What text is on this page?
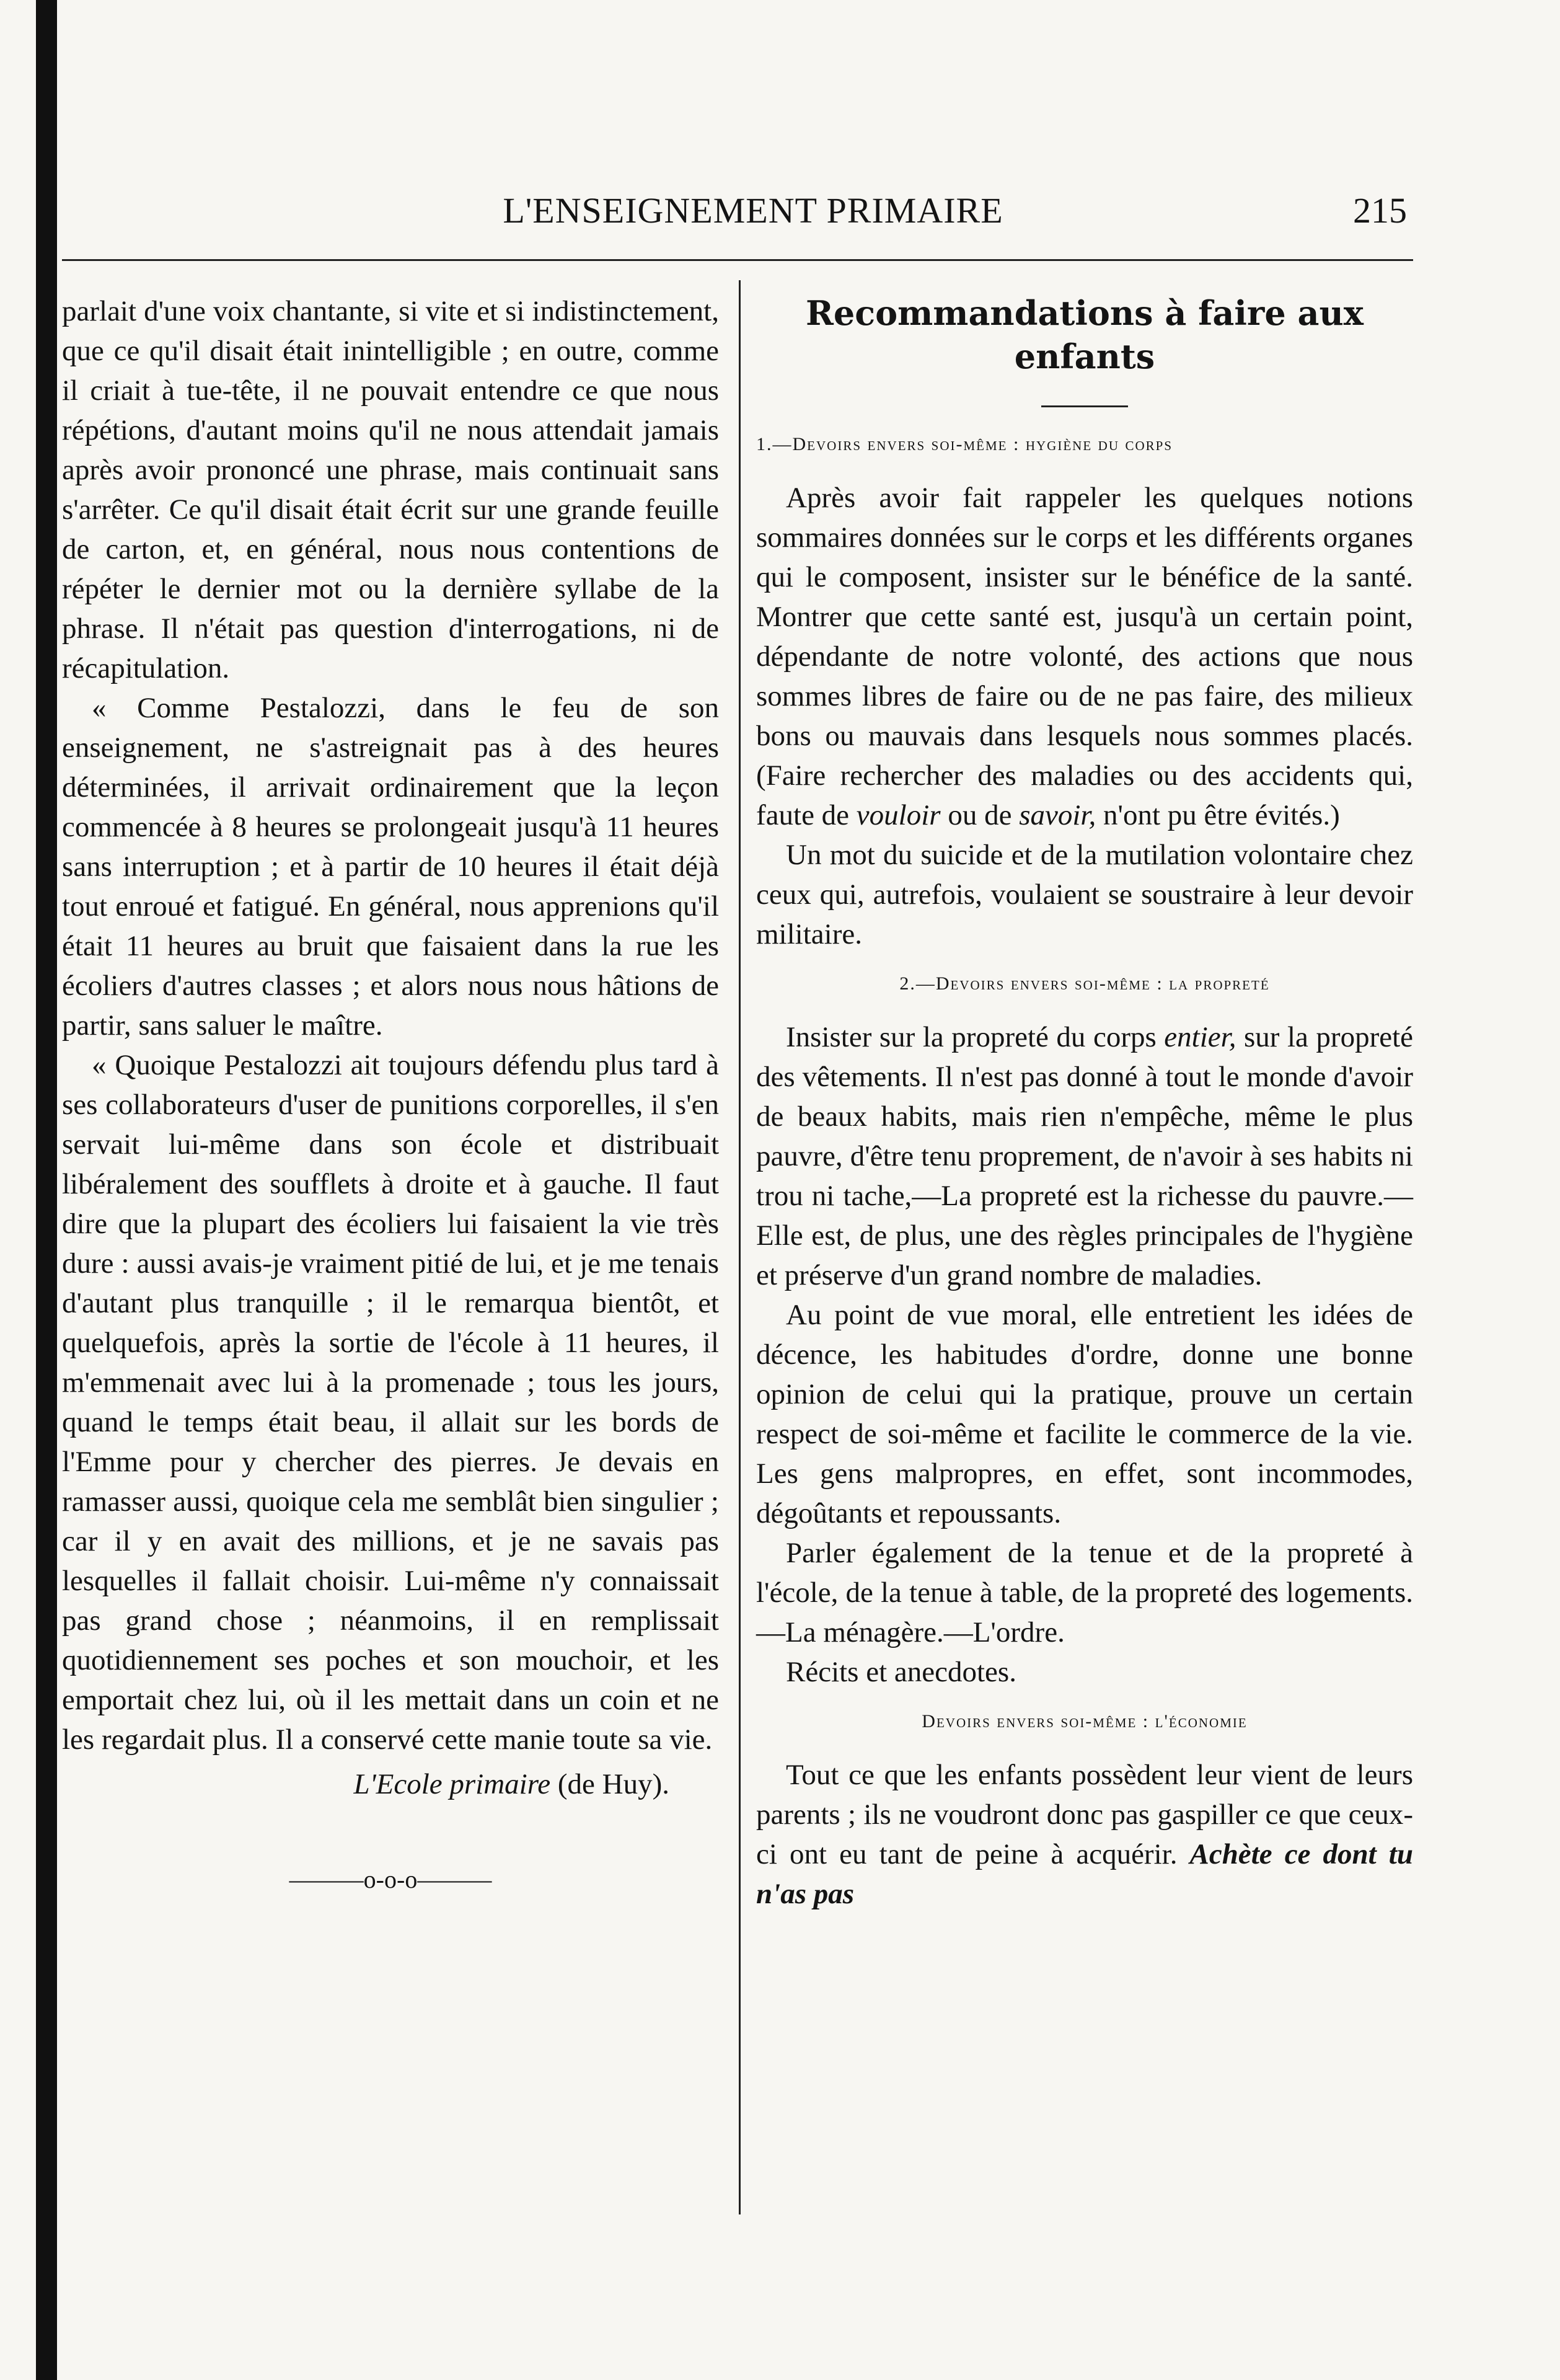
L'ENSEIGNEMENT PRIMAIRE	215

parlait d'une voix chantante, si vite et si indistinctement, que ce qu'il disait était inintelligible ; en outre, comme il criait à tue-tête, il ne pouvait entendre ce que nous répétions, d'autant moins qu'il ne nous attendait jamais après avoir prononcé une phrase, mais continuait sans s'arrêter. Ce qu'il disait était écrit sur une grande feuille de carton, et, en général, nous nous contentions de répéter le dernier mot ou la dernière syllabe de la phrase. Il n'était pas question d'interrogations, ni de récapitulation.

« Comme Pestalozzi, dans le feu de son enseignement, ne s'astreignait pas à des heures déterminées, il arrivait ordinairement que la leçon commencée à 8 heures se prolongeait jusqu'à 11 heures sans interruption ; et à partir de 10 heures il était déjà tout enroué et fatigué. En général, nous apprenions qu'il était 11 heures au bruit que faisaient dans la rue les écoliers d'autres classes ; et alors nous nous hâtions de partir, sans saluer le maître.

« Quoique Pestalozzi ait toujours défendu plus tard à ses collaborateurs d'user de punitions corporelles, il s'en servait lui-même dans son école et distribuait libéralement des soufflets à droite et à gauche. Il faut dire que la plupart des écoliers lui faisaient la vie très dure : aussi avais-je vraiment pitié de lui, et je me tenais d'autant plus tranquille ; il le remarqua bientôt, et quelquefois, après la sortie de l'école à 11 heures, il m'emmenait avec lui à la promenade ; tous les jours, quand le temps était beau, il allait sur les bords de l'Emme pour y chercher des pierres. Je devais en ramasser aussi, quoique cela me semblât bien singulier ; car il y en avait des millions, et je ne savais pas lesquelles il fallait choisir. Lui-même n'y connaissait pas grand chose ; néanmoins, il en remplissait quotidiennement ses poches et son mouchoir, et les emportait chez lui, où il les mettait dans un coin et ne les regardait plus. Il a conservé cette manie toute sa vie.

L'Ecole primaire (de Huy).

———o-o-o———

Recommandations à faire aux enfants

1.—Devoirs envers soi-même : hygiène du corps

Après avoir fait rappeler les quelques notions sommaires données sur le corps et les différents organes qui le composent, insister sur le bénéfice de la santé. Montrer que cette santé est, jusqu'à un certain point, dépendante de notre volonté, des actions que nous sommes libres de faire ou de ne pas faire, des milieux bons ou mauvais dans lesquels nous sommes placés. (Faire rechercher des maladies ou des accidents qui, faute de vouloir ou de savoir, n'ont pu être évités.)

Un mot du suicide et de la mutilation volontaire chez ceux qui, autrefois, voulaient se soustraire à leur devoir militaire.

2.—Devoirs envers soi-même : la propreté

Insister sur la propreté du corps entier, sur la propreté des vêtements. Il n'est pas donné à tout le monde d'avoir de beaux habits, mais rien n'empêche, même le plus pauvre, d'être tenu proprement, de n'avoir à ses habits ni trou ni tache,—La propreté est la richesse du pauvre.—Elle est, de plus, une des règles principales de l'hygiène et préserve d'un grand nombre de maladies.

Au point de vue moral, elle entretient les idées de décence, les habitudes d'ordre, donne une bonne opinion de celui qui la pratique, prouve un certain respect de soi-même et facilite le commerce de la vie. Les gens malpropres, en effet, sont incommodes, dégoûtants et repoussants.

Parler également de la tenue et de la propreté à l'école, de la tenue à table, de la propreté des logements.—La ménagère.—L'ordre.

Récits et anecdotes.

Devoirs envers soi-même : l'économie

Tout ce que les enfants possèdent leur vient de leurs parents ; ils ne voudront donc pas gaspiller ce que ceux-ci ont eu tant de peine à acquérir. Achète ce dont tu n'as pas
